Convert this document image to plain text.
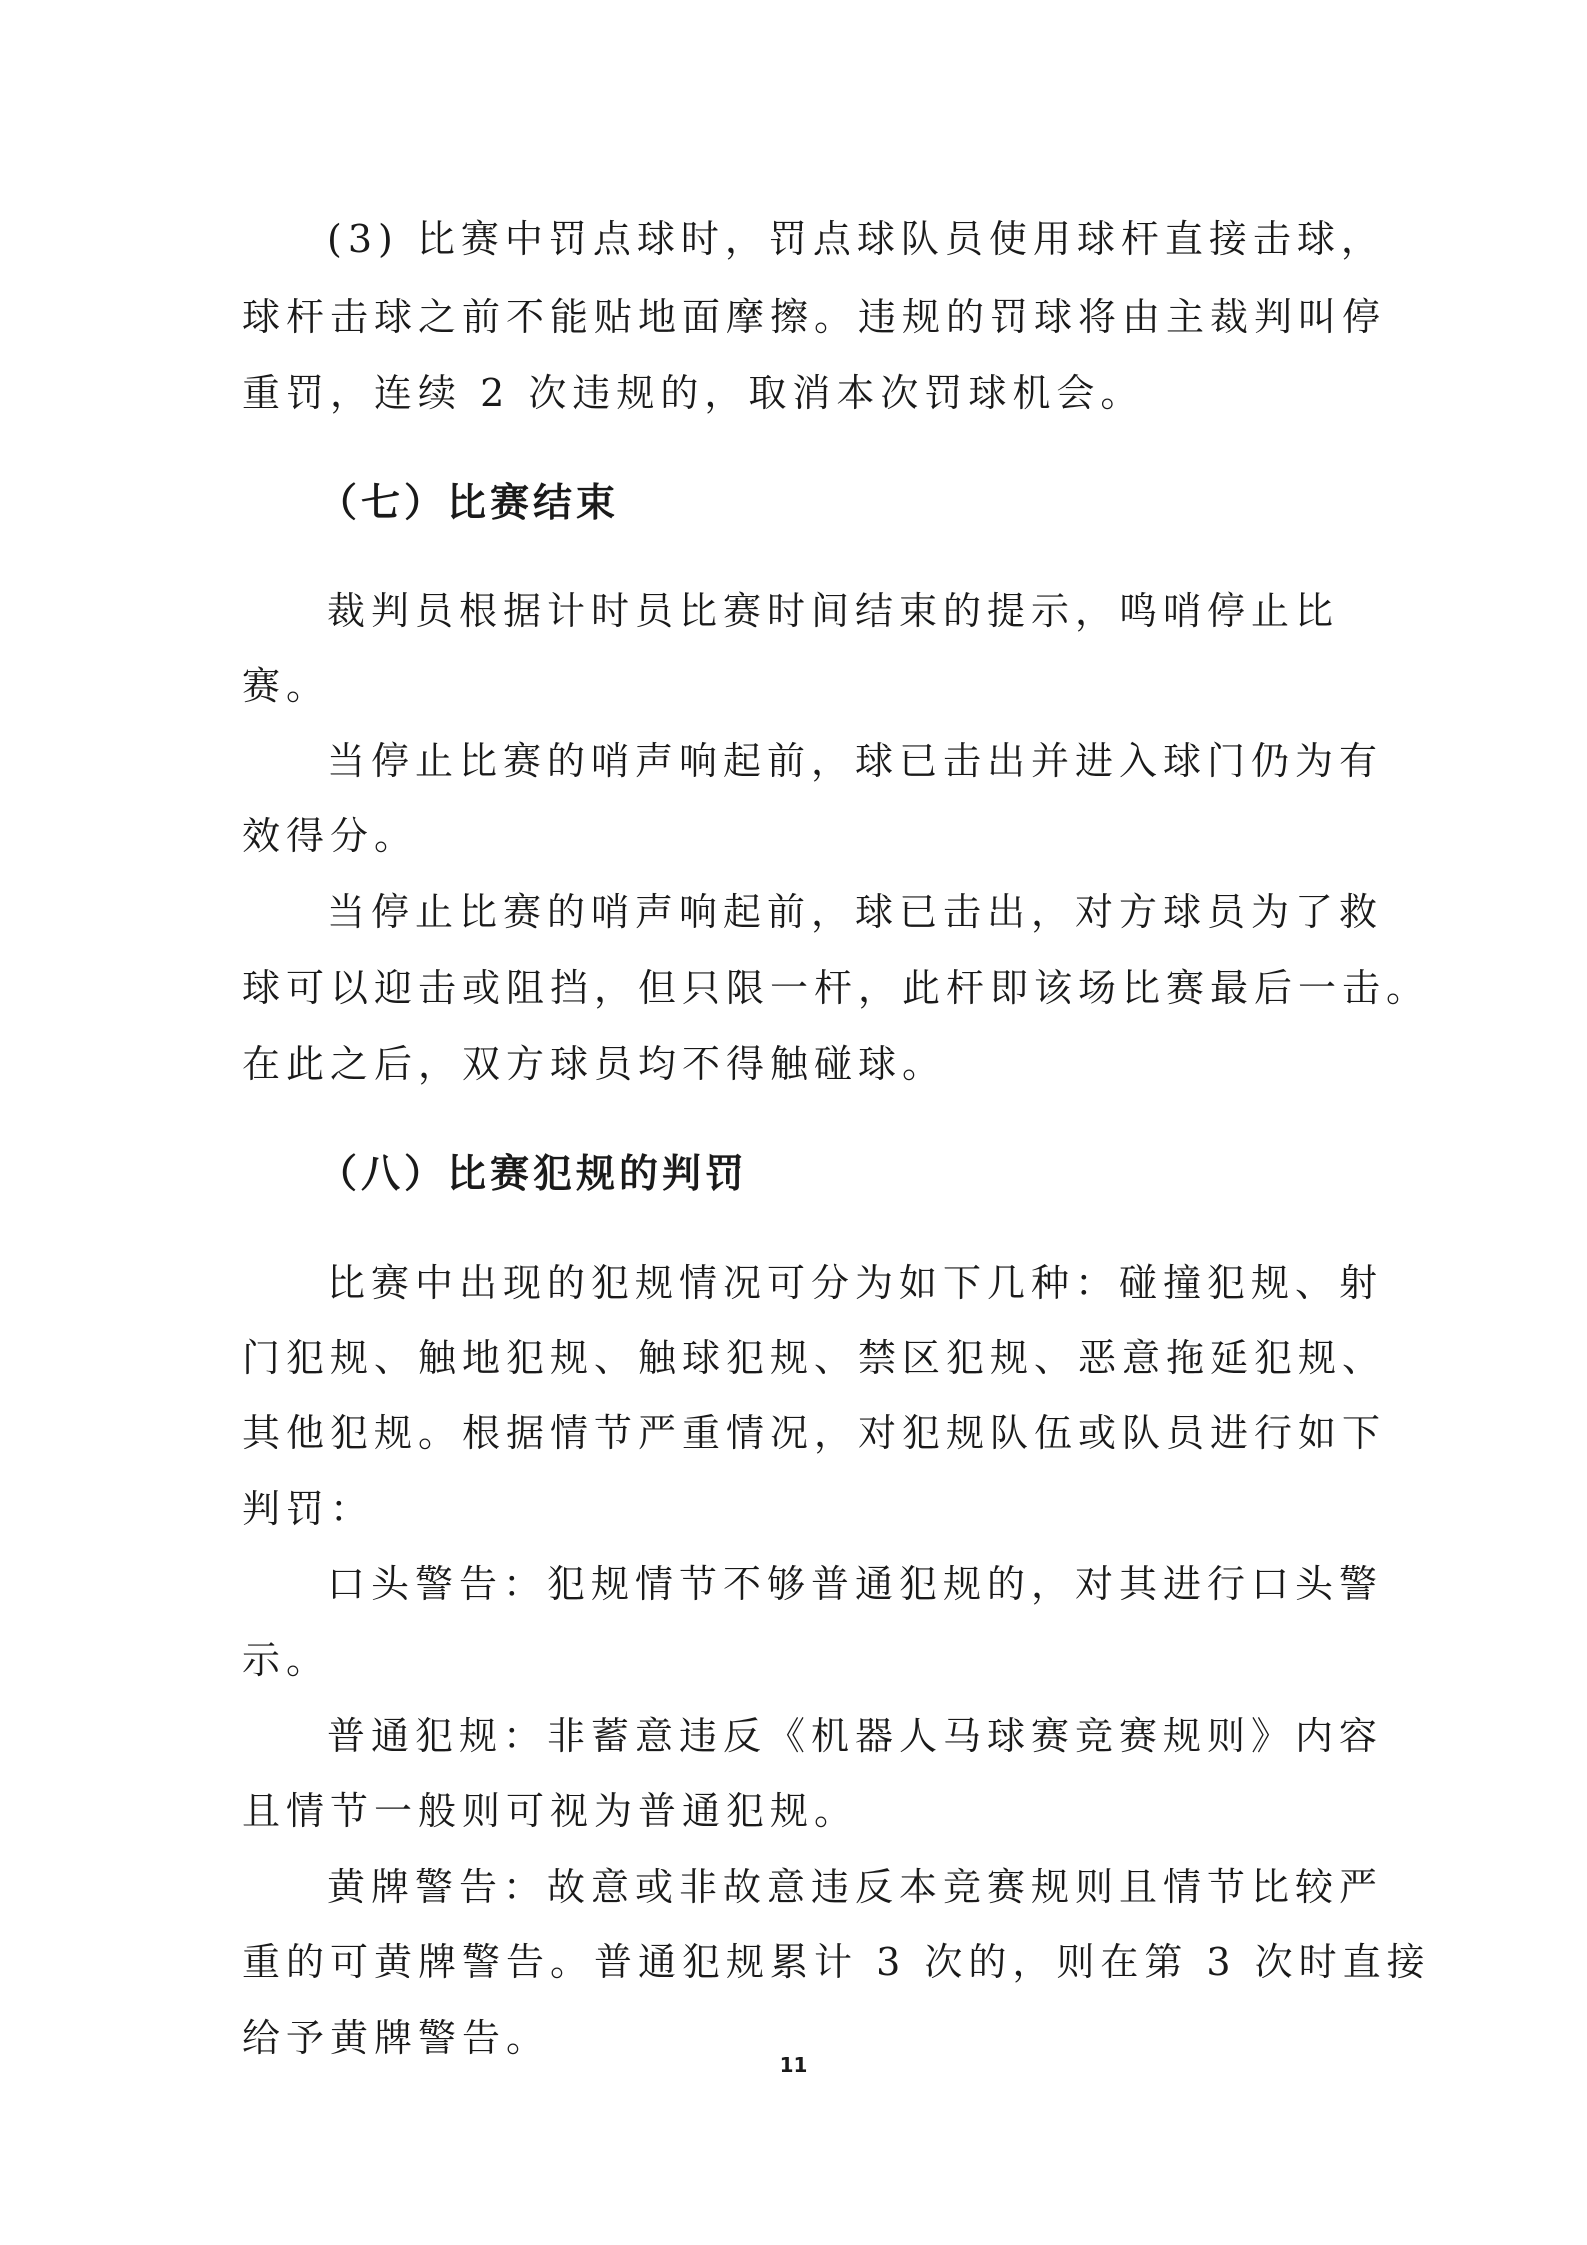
(3) 比赛中罚点球时，罚点球队员使用球杆直接击球，
球杆击球之前不能贴地面摩擦。违规的罚球将由主裁判叫停
重罚，连续 2 次违规的，取消本次罚球机会。
（七）比赛结束
裁判员根据计时员比赛时间结束的提示，鸣哨停止比
赛。
当停止比赛的哨声响起前，球已击出并进入球门仍为有
效得分。
当停止比赛的哨声响起前，球已击出，对方球员为了救
球可以迎击或阻挡，但只限一杆，此杆即该场比赛最后一击。
在此之后，双方球员均不得触碰球。
（八）比赛犯规的判罚
比赛中出现的犯规情况可分为如下几种：碰撞犯规、射
门犯规、触地犯规、触球犯规、禁区犯规、恶意拖延犯规、
其他犯规。根据情节严重情况，对犯规队伍或队员进行如下
判罚：
口头警告：犯规情节不够普通犯规的，对其进行口头警
示。
普通犯规：非蓄意违反《机器人马球赛竞赛规则》内容
且情节一般则可视为普通犯规。
黄牌警告：故意或非故意违反本竞赛规则且情节比较严
重的可黄牌警告。普通犯规累计 3 次的，则在第 3 次时直接
给予黄牌警告。
11
